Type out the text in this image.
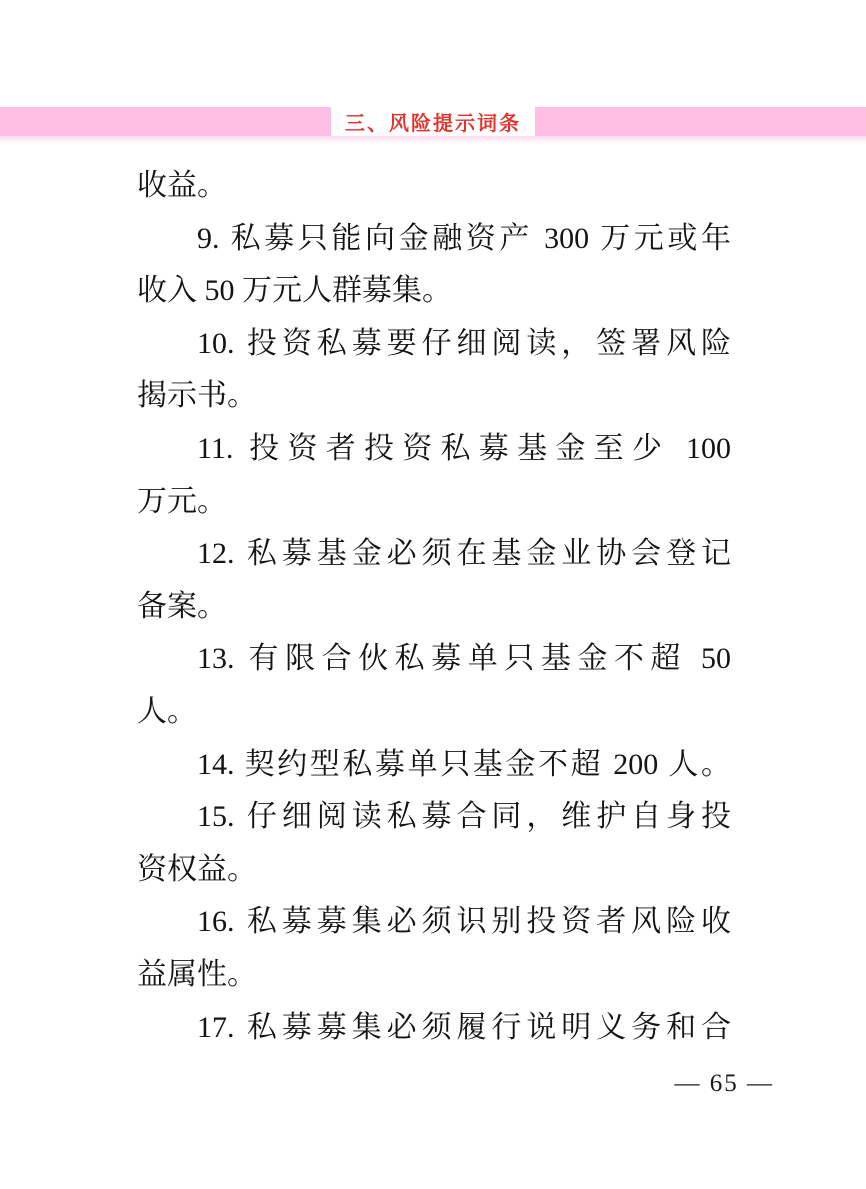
三、风险提示词条
收益。
9. 私募只能向金融资产 300 万元或年
收入 50 万元人群募集。
10. 投资私募要仔细阅读，签署风险
揭示书。
11. 投资者投资私募基金至少 100
万元。
12. 私募基金必须在基金业协会登记
备案。
13. 有限合伙私募单只基金不超 50
人。
14. 契约型私募单只基金不超 200 人。
15. 仔细阅读私募合同，维护自身投
资权益。
16. 私募募集必须识别投资者风险收
益属性。
17. 私募募集必须履行说明义务和合
— 65 —
